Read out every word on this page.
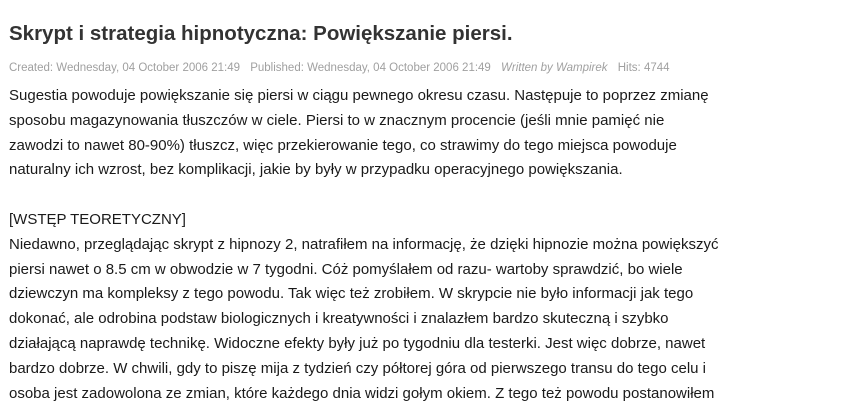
Skrypt i strategia hipnotyczna: Powiększanie piersi.
Created: Wednesday, 04 October 2006 21:49 Published: Wednesday, 04 October 2006 21:49 Written by Wampirek Hits: 4744
Sugestia powoduje powiększanie się piersi w ciągu pewnego okresu czasu. Następuje to poprzez zmianę
sposobu magazynowania tłuszczów w ciele. Piersi to w znacznym procencie (jeśli mnie pamięć nie
zawodzi to nawet 80-90%) tłuszcz, więc przekierowanie tego, co strawimy do tego miejsca powoduje
naturalny ich wzrost, bez komplikacji, jakie by były w przypadku operacyjnego powiększania.
[WSTĘP TEORETYCZNY]
Niedawno, przeglądając skrypt z hipnozy 2, natrafiłem na informację, że dzięki hipnozie można powiększyć
piersi nawet o 8.5 cm w obwodzie w 7 tygodni. Cóż pomyślałem od razu- wartoby sprawdzić, bo wiele
dziewczyn ma kompleksy z tego powodu. Tak więc też zrobiłem. W skrypcie nie było informacji jak tego
dokonać, ale odrobina podstaw biologicznych i kreatywności i znalazłem bardzo skuteczną i szybko
działającą naprawdę technikę. Widoczne efekty były już po tygodniu dla testerki. Jest więc dobrze, nawet
bardzo dobrze. W chwili, gdy to piszę mija z tydzień czy półtorej góra od pierwszego transu do tego celu i
osoba jest zadowolona ze zmian, które każdego dnia widzi gołym okiem. Z tego też powodu postanowiłem
